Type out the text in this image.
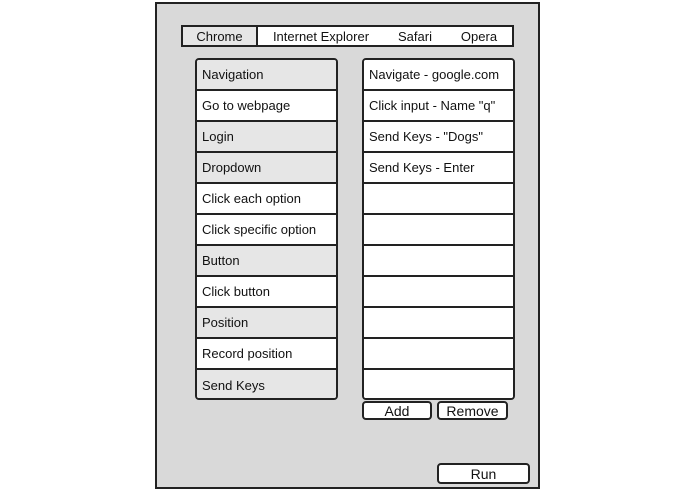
Chrome	Internet Explorer	Safari	Opera
Navigation
Go to webpage
Login
Dropdown
Click each option
Click specific option
Button
Click button
Position
Record position
Send Keys
Navigate - google.com
Click input - Name "q"
Send Keys - "Dogs"
Send Keys - Enter
Add	Remove
Run
